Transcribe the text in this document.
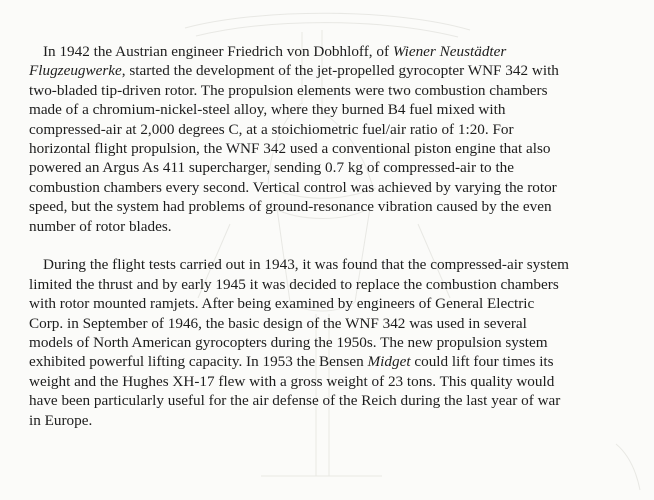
In 1942 the Austrian engineer Friedrich von Dobhloff, of Wiener Neustädter
Flugzeugwerke, started the development of the jet-propelled gyrocopter WNF 342 with
two-bladed tip-driven rotor. The propulsion elements were two combustion chambers
made of a chromium-nickel-steel alloy, where they burned B4 fuel mixed with
compressed-air at 2,000 degrees C, at a stoichiometric fuel/air ratio of 1:20. For
horizontal flight propulsion, the WNF 342 used a conventional piston engine that also
powered an Argus As 411 supercharger, sending 0.7 kg of compressed-air to the
combustion chambers every second. Vertical control was achieved by varying the rotor
speed, but the system had problems of ground-resonance vibration caused by the even
number of rotor blades.
During the flight tests carried out in 1943, it was found that the compressed-air system
limited the thrust and by early 1945 it was decided to replace the combustion chambers
with rotor mounted ramjets. After being examined by engineers of General Electric
Corp. in September of 1946, the basic design of the WNF 342 was used in several
models of North American gyrocopters during the 1950s. The new propulsion system
exhibited powerful lifting capacity. In 1953 the Bensen Midget could lift four times its
weight and the Hughes XH-17 flew with a gross weight of 23 tons. This quality would
have been particularly useful for the air defense of the Reich during the last year of war
in Europe.
